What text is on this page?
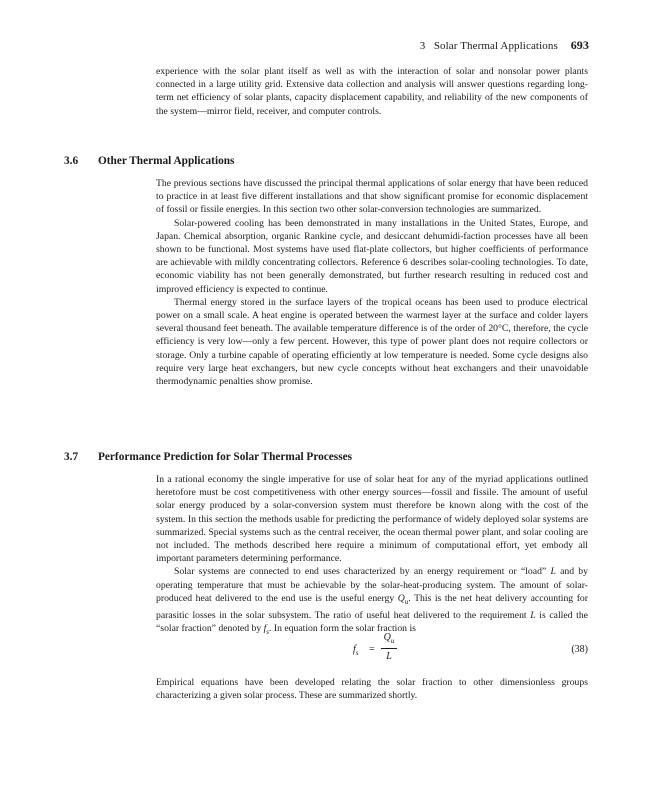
3   Solar Thermal Applications 693

experience with the solar plant itself as well as with the interaction of solar and nonsolar power plants connected in a large utility grid. Extensive data collection and analysis will answer questions regarding long-term net efficiency of solar plants, capacity displacement capability, and reliability of the new components of the system—mirror field, receiver, and computer controls.

3.6 Other Thermal Applications

The previous sections have discussed the principal thermal applications of solar energy that have been reduced to practice in at least five different installations and that show significant promise for economic displacement of fossil or fissile energies. In this section two other solar-conversion technologies are summarized.

Solar-powered cooling has been demonstrated in many installations in the United States, Europe, and Japan. Chemical absorption, organic Rankine cycle, and desiccant dehumidi-faction processes have all been shown to be functional. Most systems have used flat-plate collectors, but higher coefficients of performance are achievable with mildly concentrating collectors. Reference 6 describes solar-cooling technologies. To date, economic viability has not been generally demonstrated, but further research resulting in reduced cost and improved efficiency is expected to continue.

Thermal energy stored in the surface layers of the tropical oceans has been used to produce electrical power on a small scale. A heat engine is operated between the warmest layer at the surface and colder layers several thousand feet beneath. The available temperature difference is of the order of 20°C, therefore, the cycle efficiency is very low—only a few percent. However, this type of power plant does not require collectors or storage. Only a turbine capable of operating efficiently at low temperature is needed. Some cycle designs also require very large heat exchangers, but new cycle concepts without heat exchangers and their unavoidable thermodynamic penalties show promise.

3.7 Performance Prediction for Solar Thermal Processes

In a rational economy the single imperative for use of solar heat for any of the myriad applications outlined heretofore must be cost competitiveness with other energy sources—fossil and fissile. The amount of useful solar energy produced by a solar-conversion system must therefore be known along with the cost of the system. In this section the methods usable for predicting the performance of widely deployed solar systems are summarized. Special systems such as the central receiver, the ocean thermal power plant, and solar cooling are not included. The methods described here require a minimum of computational effort, yet embody all important parameters determining performance.

Solar systems are connected to end uses characterized by an energy requirement or “load” L and by operating temperature that must be achievable by the solar-heat-producing system. The amount of solar-produced heat delivered to the end use is the useful energy $Q_u$. This is the net heat delivery accounting for parasitic losses in the solar subsystem. The ratio of useful heat delivered to the requirement L is called the “solar fraction” denoted by $f_s$. In equation form the solar fraction is

$f_s$ =
$Q_u$
L
(38)

Empirical equations have been developed relating the solar fraction to other dimensionless groups characterizing a given solar process. These are summarized shortly.
